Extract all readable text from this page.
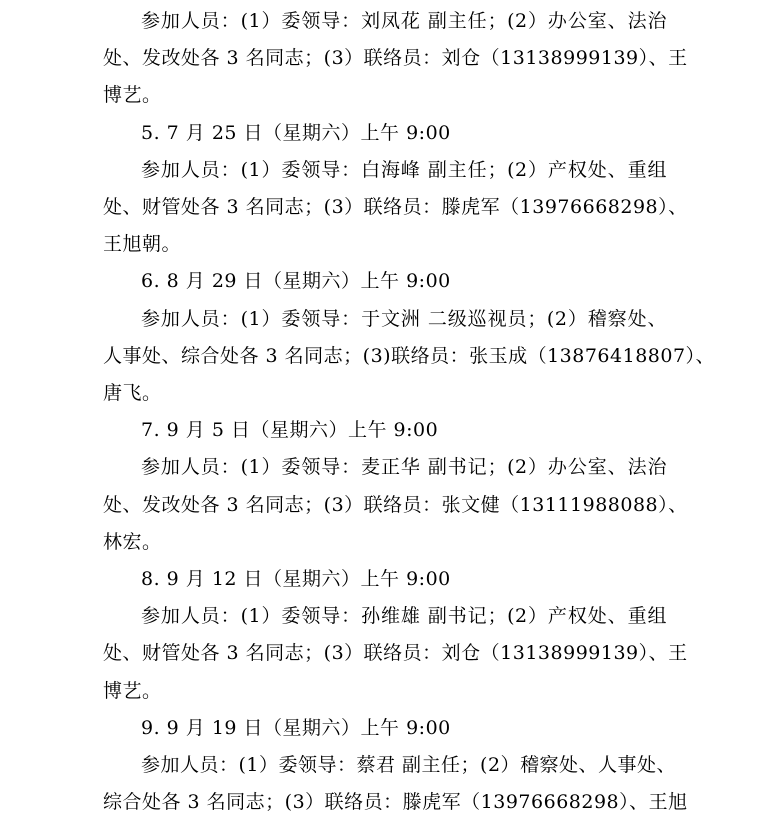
参加人员：(1）委领导：刘凤花 副主任；(2）办公室、法治
处、发改处各 3 名同志；(3）联络员：刘仓（13138999139）、王
博艺。
5. 7 月 25 日（星期六）上午 9:00
参加人员：(1）委领导：白海峰 副主任；(2）产权处、重组
处、财管处各 3 名同志；(3）联络员：滕虎军（13976668298）、
王旭朝。
6. 8 月 29 日（星期六）上午 9:00
参加人员：(1）委领导：于文洲 二级巡视员；(2）稽察处、
人事处、综合处各 3 名同志；(3)联络员：张玉成（13876418807）、
唐飞。
7. 9 月 5 日（星期六）上午 9:00
参加人员：(1）委领导：麦正华 副书记；(2）办公室、法治
处、发改处各 3 名同志；(3）联络员：张文健（13111988088）、
林宏。
8. 9 月 12 日（星期六）上午 9:00
参加人员：(1）委领导：孙维雄 副书记；(2）产权处、重组
处、财管处各 3 名同志；(3）联络员：刘仓（13138999139）、王
博艺。
9. 9 月 19 日（星期六）上午 9:00
参加人员：(1）委领导：蔡君 副主任；(2）稽察处、人事处、
综合处各 3 名同志；(3）联络员：滕虎军（13976668298）、王旭
